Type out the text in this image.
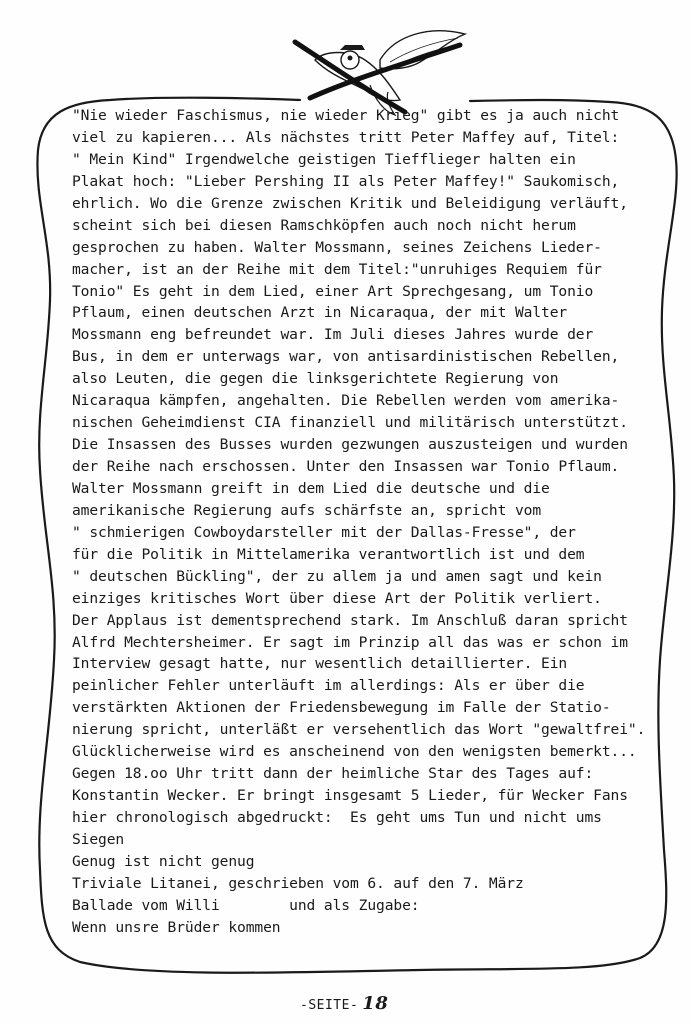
"Nie wieder Faschismus, nie wieder Krieg" gibt es ja auch nicht
viel zu kapieren... Als nächstes tritt Peter Maffey auf, Titel:
" Mein Kind" Irgendwelche geistigen Tiefflieger halten ein
Plakat hoch: "Lieber Pershing II als Peter Maffey!" Saukomisch,
ehrlich. Wo die Grenze zwischen Kritik und Beleidigung verläuft,
scheint sich bei diesen Ramschköpfen auch noch nicht herum
gesprochen zu haben. Walter Mossmann, seines Zeichens Lieder-
macher, ist an der Reihe mit dem Titel:"unruhiges Requiem für
Tonio" Es geht in dem Lied, einer Art Sprechgesang, um Tonio
Pflaum, einen deutschen Arzt in Nicaraqua, der mit Walter
Mossmann eng befreundet war. Im Juli dieses Jahres wurde der
Bus, in dem er unterwags war, von antisardinistischen Rebellen,
also Leuten, die gegen die linksgerichtete Regierung von
Nicaraqua kämpfen, angehalten. Die Rebellen werden vom amerika-
nischen Geheimdienst CIA finanziell und militärisch unterstützt.
Die Insassen des Busses wurden gezwungen auszusteigen und wurden
der Reihe nach erschossen. Unter den Insassen war Tonio Pflaum.
Walter Mossmann greift in dem Lied die deutsche und die
amerikanische Regierung aufs schärfste an, spricht vom
" schmierigen Cowboydarsteller mit der Dallas-Fresse", der
für die Politik in Mittelamerika verantwortlich ist und dem
" deutschen Bückling", der zu allem ja und amen sagt und kein
einziges kritisches Wort über diese Art der Politik verliert.
Der Applaus ist dementsprechend stark. Im Anschluß daran spricht
Alfrd Mechtersheimer. Er sagt im Prinzip all das was er schon im
Interview gesagt hatte, nur wesentlich detaillierter. Ein
peinlicher Fehler unterläuft im allerdings: Als er über die
verstärkten Aktionen der Friedensbewegung im Falle der Statio-
nierung spricht, unterläßt er versehentlich das Wort "gewaltfrei".
Glücklicherweise wird es anscheinend von den wenigsten bemerkt...
Gegen 18.oo Uhr tritt dann der heimliche Star des Tages auf:
Konstantin Wecker. Er bringt insgesamt 5 Lieder, für Wecker Fans
hier chronologisch abgedruckt:  Es geht ums Tun und nicht ums
Siegen
Genug ist nicht genug
Triviale Litanei, geschrieben vom 6. auf den 7. März
Ballade vom Willi        und als Zugabe:
Wenn unsre Brüder kommen
-SEITE- 18
